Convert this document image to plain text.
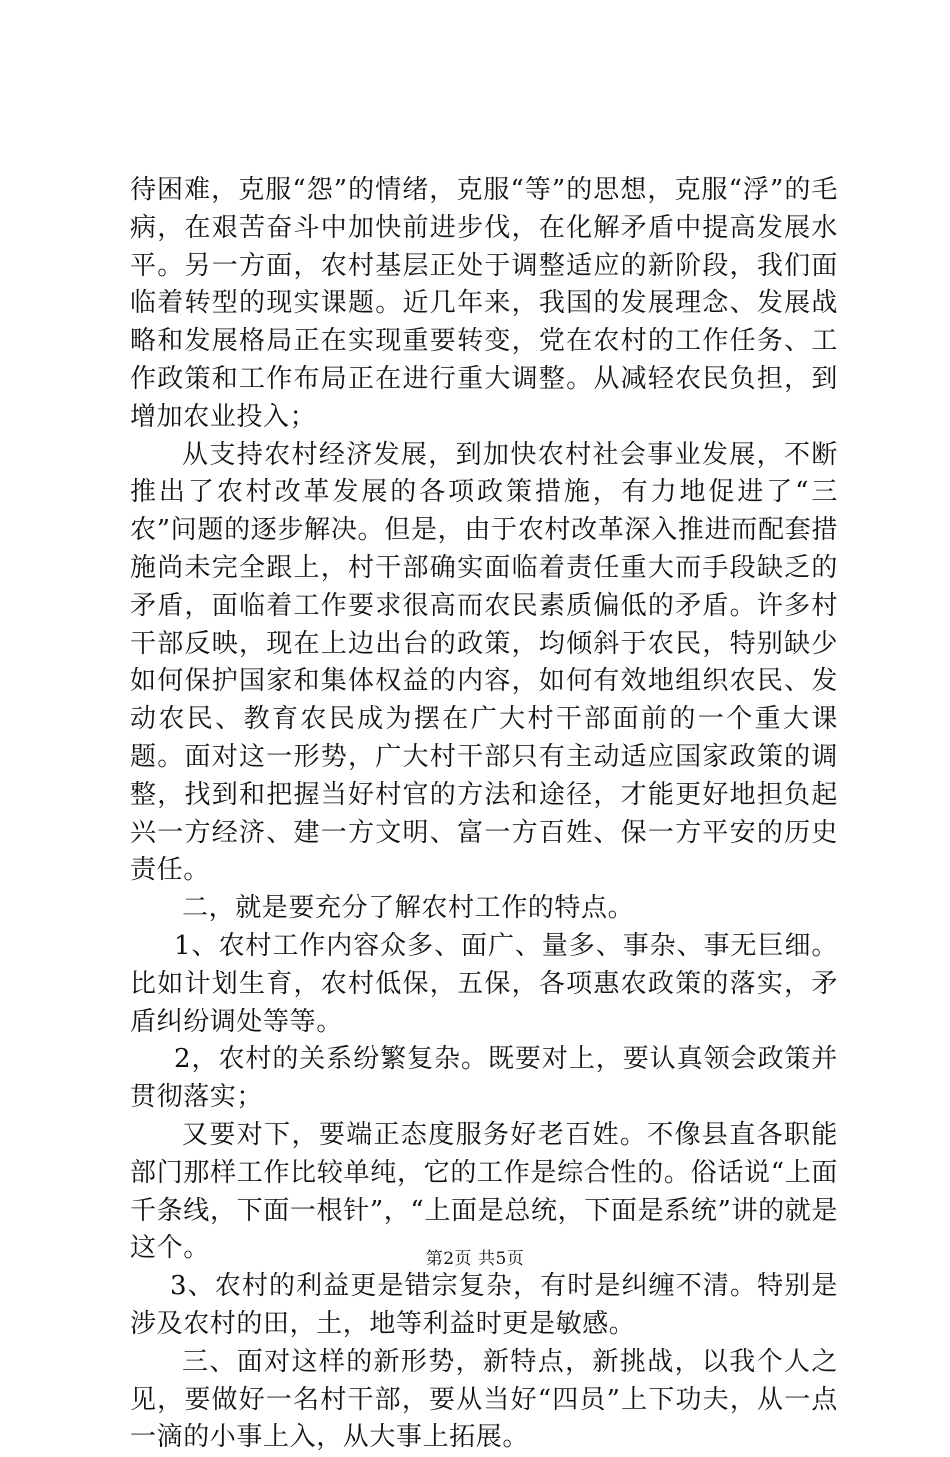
待困难，克服“怨”的情绪，克服“等”的思想，克服“浮”的毛病，在艰苦奋斗中加快前进步伐，在化解矛盾中提高发展水平。另一方面，农村基层正处于调整适应的新阶段，我们面临着转型的现实课题。近几年来，我国的发展理念、发展战略和发展格局正在实现重要转变，党在农村的工作任务、工作政策和工作布局正在进行重大调整。从减轻农民负担，到增加农业投入；

从支持农村经济发展，到加快农村社会事业发展，不断推出了农村改革发展的各项政策措施，有力地促进了“三农”问题的逐步解决。但是，由于农村改革深入推进而配套措施尚未完全跟上，村干部确实面临着责任重大而手段缺乏的矛盾，面临着工作要求很高而农民素质偏低的矛盾。许多村干部反映，现在上边出台的政策，均倾斜于农民，特别缺少如何保护国家和集体权益的内容，如何有效地组织农民、发动农民、教育农民成为摆在广大村干部面前的一个重大课题。面对这一形势，广大村干部只有主动适应国家政策的调整，找到和把握当好村官的方法和途径，才能更好地担负起兴一方经济、建一方文明、富一方百姓、保一方平安的历史责任。

二，就是要充分了解农村工作的特点。

1、农村工作内容众多、面广、量多、事杂、事无巨细。比如计划生育，农村低保，五保，各项惠农政策的落实，矛盾纠纷调处等等。

2，农村的关系纷繁复杂。既要对上，要认真领会政策并贯彻落实；

又要对下，要端正态度服务好老百姓。不像县直各职能部门那样工作比较单纯，它的工作是综合性的。俗话说“上面千条线，下面一根针”，“上面是总统，下面是系统”讲的就是这个。

3、农村的利益更是错宗复杂，有时是纠缠不清。特别是涉及农村的田，土，地等利益时更是敏感。

三、面对这样的新形势，新特点，新挑战，以我个人之见，要做好一名村干部，要从当好“四员”上下功夫，从一点一滴的小事上入，从大事上拓展。

第2页 共5页
